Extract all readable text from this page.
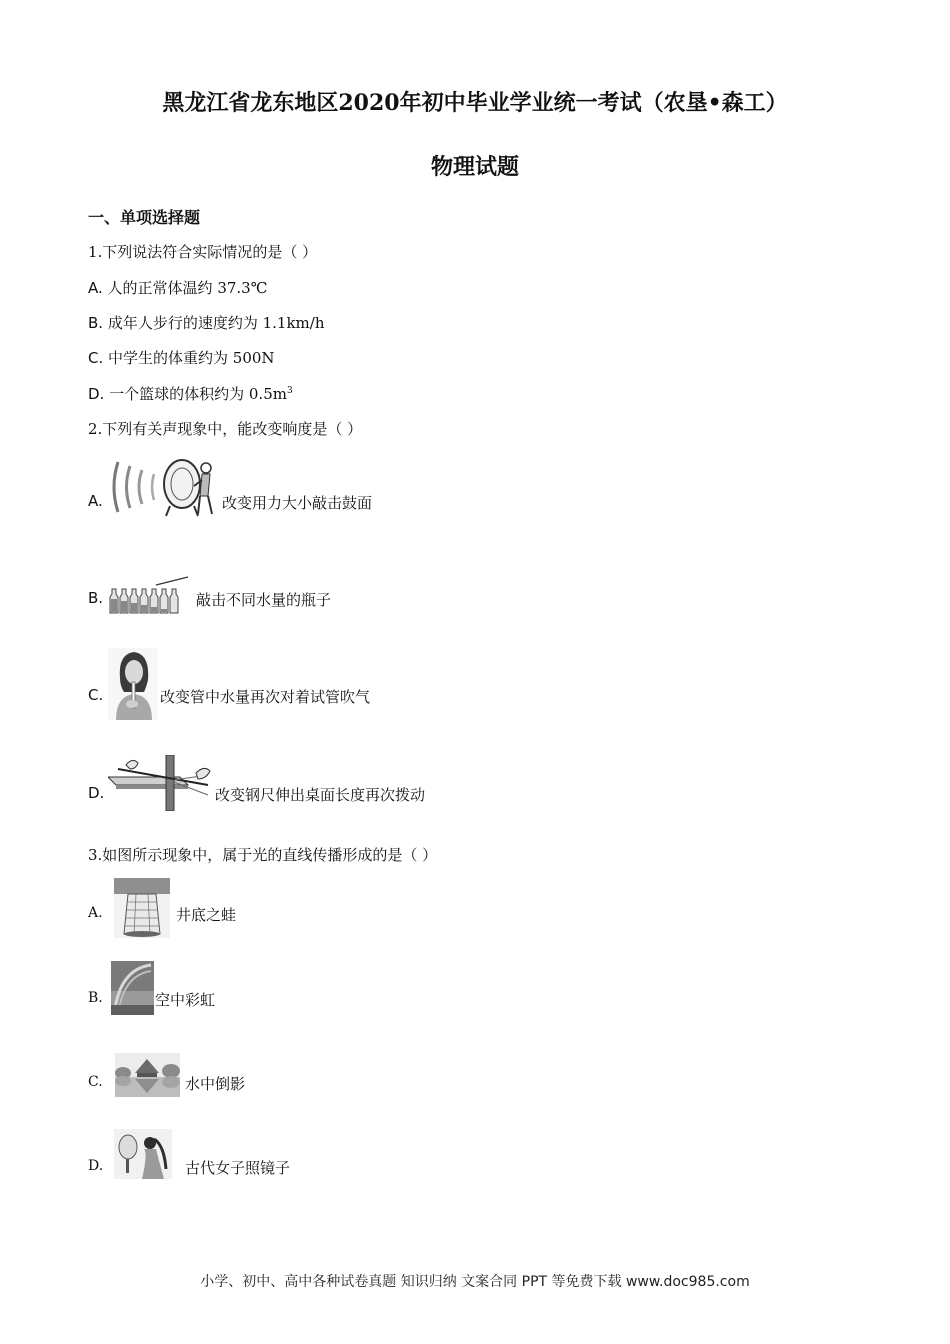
黑龙江省龙东地区2020年初中毕业学业统一考试（农垦•森工）
物理试题
一、单项选择题
1.下列说法符合实际情况的是（ ）
A. 人的正常体温约 37.3℃
B. 成年人步行的速度约为 1.1km/h
C. 中学生的体重约为 500N
D. 一个篮球的体积约为 $0.5m^3$
2.下列有关声现象中，能改变响度是（ ）
A.	改变用力大小敲击鼓面
B.	敲击不同水量的瓶子
C.	改变管中水量再次对着试管吹气
D.	改变钢尺伸出桌面长度再次拨动
3.如图所示现象中，属于光的直线传播形成的是（ ）
A.	井底之蛙
B.	空中彩虹
C.	水中倒影
D.	古代女子照镜子
小学、初中、高中各种试卷真题 知识归纳 文案合同 PPT 等免费下载 www.doc985.com
